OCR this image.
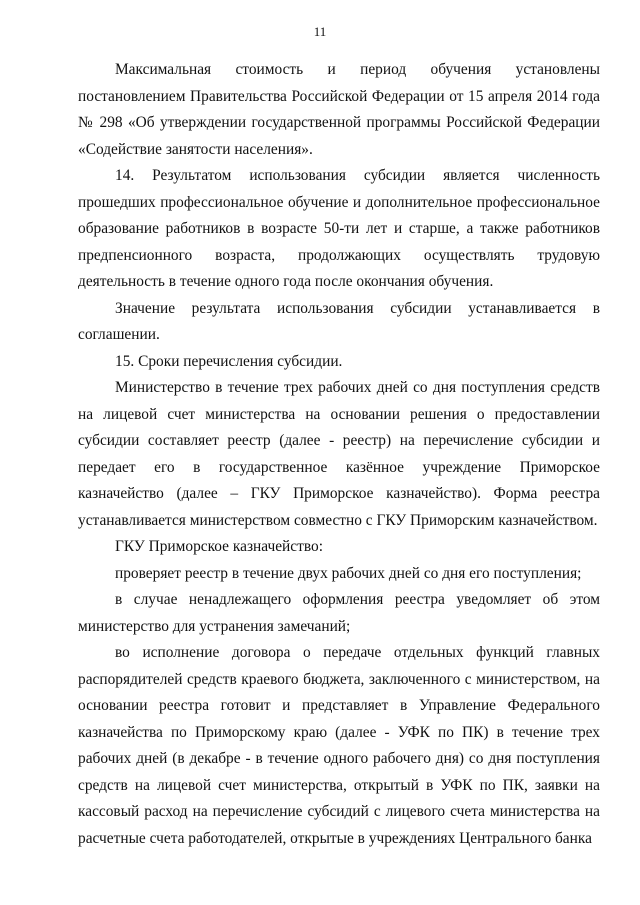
11

Максимальная стоимость и период обучения установлены постановлением Правительства Российской Федерации от 15 апреля 2014 года № 298 «Об утверждении государственной программы Российской Федерации «Содействие занятости населения».

14. Результатом использования субсидии является численность прошедших профессиональное обучение и дополнительное профессиональное образование работников в возрасте 50-ти лет и старше, а также работников предпенсионного возраста, продолжающих осуществлять трудовую деятельность в течение одного года после окончания обучения.

Значение результата использования субсидии устанавливается в соглашении.

15. Сроки перечисления субсидии.

Министерство в течение трех рабочих дней со дня поступления средств на лицевой счет министерства на основании решения о предоставлении субсидии составляет реестр (далее - реестр) на перечисление субсидии и передает его в государственное казённое учреждение Приморское казначейство (далее – ГКУ Приморское казначейство). Форма реестра устанавливается министерством совместно с ГКУ Приморским казначейством.

ГКУ Приморское казначейство:

проверяет реестр в течение двух рабочих дней со дня его поступления;

в случае ненадлежащего оформления реестра уведомляет об этом министерство для устранения замечаний;

во исполнение договора о передаче отдельных функций главных распорядителей средств краевого бюджета, заключенного с министерством, на основании реестра готовит и представляет в Управление Федерального казначейства по Приморскому краю (далее - УФК по ПК) в течение трех рабочих дней (в декабре - в течение одного рабочего дня) со дня поступления средств на лицевой счет министерства, открытый в УФК по ПК, заявки на кассовый расход на перечисление субсидий с лицевого счета министерства на расчетные счета работодателей, открытые в учреждениях Центрального банка
